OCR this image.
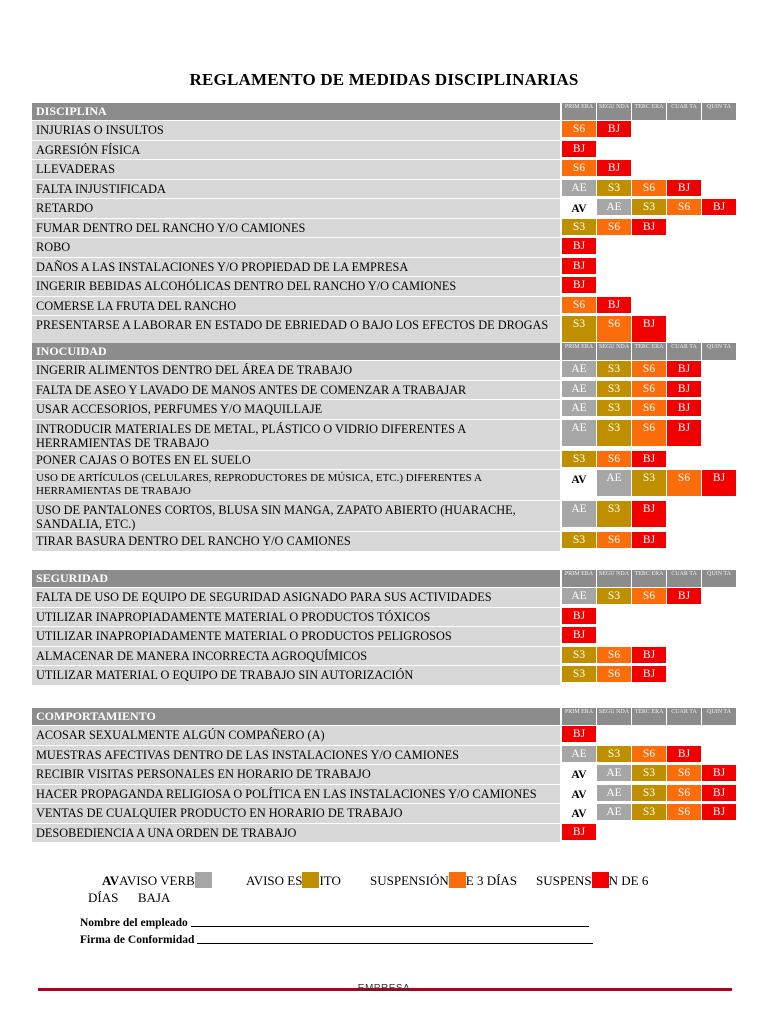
REGLAMENTO DE MEDIDAS DISCIPLINARIAS
DISCIPLINA	PRIM ERA SEGU NDA TERC ERA	CUAR TA	QUIN TA
INJURIAS O INSULTOS	S6	BJ
AGRESIÓN FÍSICA	BJ
LLEVADERAS	S6	BJ
FALTA INJUSTIFICADA	AE	S3	S6	BJ
RETARDO	AV	AE	S3	S6	BJ
FUMAR DENTRO DEL RANCHO Y/O CAMIONES	S3	S6	BJ
ROBO	BJ
DAÑOS A LAS INSTALACIONES Y/O PROPIEDAD DE LA EMPRESA	BJ
INGERIR BEBIDAS ALCOHÓLICAS DENTRO DEL RANCHO Y/O CAMIONES	BJ
COMERSE LA FRUTA DEL RANCHO	S6	BJ
PRESENTARSE A LABORAR EN ESTADO DE EBRIEDAD O BAJO LOS EFECTOS DE DROGAS	S3	S6	BJ
INOCUIDAD	PRIM ERA SEGU NDA TERC ERA	CUAR TA	QUIN TA
INGERIR ALIMENTOS DENTRO DEL ÁREA DE TRABAJO	AE	S3	S6	BJ
FALTA DE ASEO Y LAVADO DE MANOS ANTES DE COMENZAR A TRABAJAR	AE	S3	S6	BJ
USAR ACCESORIOS, PERFUMES Y/O MAQUILLAJE	AE	S3	S6	BJ
INTRODUCIR MATERIALES DE METAL, PLÁSTICO O VIDRIO DIFERENTES A HERRAMIENTAS DE TRABAJO
AE	S3	S6	BJ
PONER CAJAS O BOTES EN EL SUELO	S3	S6	BJ
USO DE ARTÍCULOS (CELULARES, REPRODUCTORES DE MÚSICA, ETC.) DIFERENTES A HERRAMIENTAS DE TRABAJO
AV	AE	S3	S6	BJ
USO DE PANTALONES CORTOS, BLUSA SIN MANGA, ZAPATO ABIERTO (HUARACHE, SANDALIA, ETC.)
AE	S3	BJ
TIRAR BASURA DENTRO DEL RANCHO Y/O CAMIONES	S3	S6	BJ
SEGURIDAD	PRIM ERA SEGU NDA TERC ERA	CUAR TA	QUIN TA
FALTA DE USO DE EQUIPO DE SEGURIDAD ASIGNADO PARA SUS ACTIVIDADES	AE	S3	S6	BJ
UTILIZAR INAPROPIADAMENTE MATERIAL O PRODUCTOS TÓXICOS	BJ
UTILIZAR INAPROPIADAMENTE MATERIAL O PRODUCTOS PELIGROSOS	BJ
ALMACENAR DE MANERA INCORRECTA AGROQUÍMICOS	S3	S6	BJ
UTILIZAR MATERIAL O EQUIPO DE TRABAJO SIN AUTORIZACIÓN	S3	S6	BJ
COMPORTAMIENTO	PRIM ERA SEGU NDA TERC ERA	CUAR TA	QUIN TA
ACOSAR SEXUALMENTE ALGÚN COMPAÑERO (A)	BJ
MUESTRAS AFECTIVAS DENTRO DE LAS INSTALACIONES Y/O CAMIONES	AE	S3	S6	BJ
RECIBIR VISITAS PERSONALES EN HORARIO DE TRABAJO	AV	AE	S3	S6	BJ
HACER PROPAGANDA RELIGIOSA O POLÍTICA EN LAS INSTALACIONES Y/O CAMIONES	AV	AE	S3	S6	BJ
VENTAS DE CUALQUIER PRODUCTO EN HORARIO DE TRABAJO	AV	AE	S3	S6	BJ
DESOBEDIENCIA A UNA ORDEN DE TRABAJO	BJ
AVAVISO VERB	AVISO ES ITO SUSPENSIÓN E 3 DÍAS SUSPENS N DE 6
DÍAS BAJA
Nombre del empleado
Firma de Conformidad
EMPRESA
